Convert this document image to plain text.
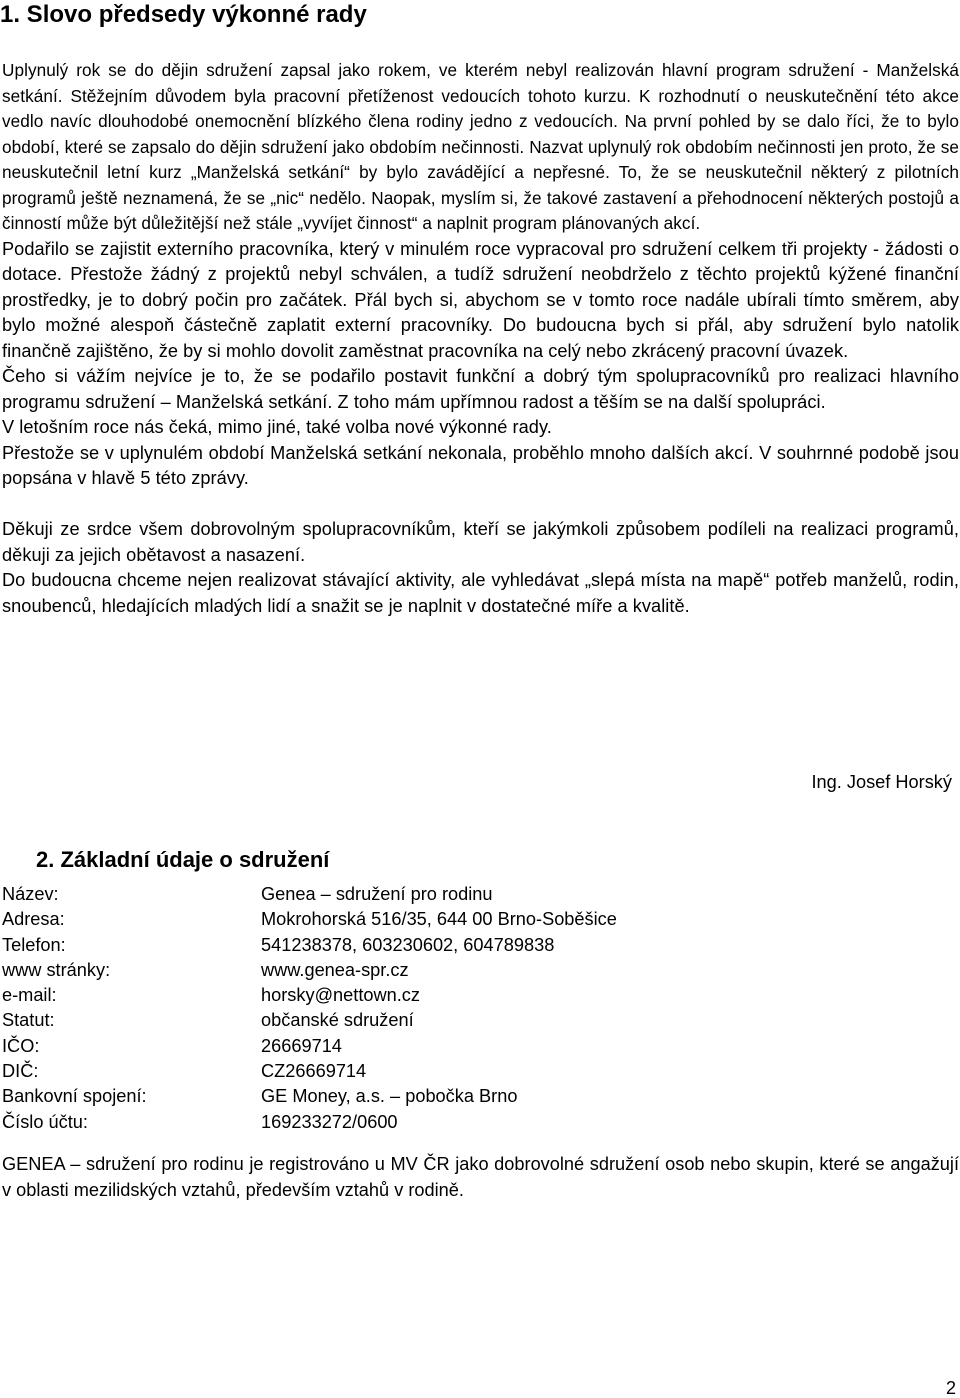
1. Slovo předsedy výkonné rady

Uplynulý rok se do dějin sdružení zapsal jako rokem, ve kterém nebyl realizován hlavní program sdružení - Manželská setkání. Stěžejním důvodem byla pracovní přetíženost vedoucích tohoto kurzu. K rozhodnutí o neuskutečnění této akce vedlo navíc dlouhodobé onemocnění blízkého člena rodiny jedno z vedoucích. Na první pohled by se dalo říci, že to bylo období, které se zapsalo do dějin sdružení jako obdobím nečinnosti. Nazvat uplynulý rok obdobím nečinnosti jen proto, že se neuskutečnil letní kurz „Manželská setkání“ by bylo zavádějící a nepřesné. To, že se neuskutečnil některý z pilotních programů ještě neznamená, že se „nic“ nedělo. Naopak, myslím si, že takové zastavení a přehodnocení některých postojů a činností může být důležitější než stále „vyvíjet činnost“ a naplnit program plánovaných akcí.

Podařilo se zajistit externího pracovníka, který v minulém roce vypracoval pro sdružení celkem tři projekty - žádosti o dotace. Přestože žádný z projektů nebyl schválen, a tudíž sdružení neobdrželo z těchto projektů kýžené finanční prostředky, je to dobrý počin pro začátek. Přál bych si, abychom se v tomto roce nadále ubírali tímto směrem, aby bylo možné alespoň částečně zaplatit externí pracovníky. Do budoucna bych si přál, aby sdružení bylo natolik finančně zajištěno, že by si mohlo dovolit zaměstnat pracovníka na celý nebo zkrácený pracovní úvazek.

Čeho si vážím nejvíce je to, že se podařilo postavit funkční a dobrý tým spolupracovníků pro realizaci hlavního programu sdružení – Manželská setkání. Z toho mám upřímnou radost a těším se na další spolupráci.

V letošním roce nás čeká, mimo jiné, také volba nové výkonné rady.

Přestože se v uplynulém období Manželská setkání nekonala, proběhlo mnoho dalších akcí. V souhrnné podobě jsou popsána v hlavě 5 této zprávy.

Děkuji ze srdce všem dobrovolným spolupracovníkům, kteří se jakýmkoli způsobem podíleli na realizaci programů, děkuji za jejich obětavost a nasazení.

Do budoucna chceme nejen realizovat stávající aktivity, ale vyhledávat „slepá místa na mapě“ potřeb manželů, rodin, snoubenců, hledajících mladých lidí a snažit se je naplnit v dostatečné míře a kvalitě.

Ing. Josef Horský
2. Základní údaje o sdružení
Název:	Genea – sdružení pro rodinu
Adresa:	Mokrohorská 516/35, 644 00 Brno-Soběšice
Telefon:	541238378, 603230602, 604789838
www stránky:	www.genea-spr.cz
e-mail:	horsky@nettown.cz
Statut:	občanské sdružení
IČO:	26669714
DIČ:	CZ26669714
Bankovní spojení:	GE Money, a.s. – pobočka Brno
Číslo účtu:	169233272/0600

GENEA – sdružení pro rodinu je registrováno u MV ČR jako dobrovolné sdružení osob nebo skupin, které se angažují v oblasti mezilidských vztahů, především vztahů v rodině.

2
